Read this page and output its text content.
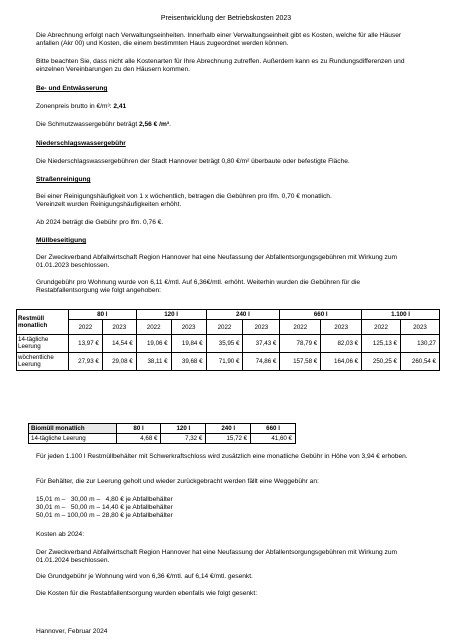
Preisentwicklung der Betriebskosten 2023

Die Abrechnung erfolgt nach Verwaltungseinheiten. Innerhalb einer Verwaltungseinheit gibt es Kosten, welche für alle Häuser anfallen (Akr 00) und Kosten, die einem bestimmten Haus zugeordnet werden können.

Bitte beachten Sie, dass nicht alle Kostenarten für Ihre Abrechnung zutreffen. Außerdem kann es zu Rundungsdifferenzen und einzelnen Vereinbarungen zu den Häusern kommen.

Be- und Entwässerung

Zonenpreis brutto in €/m³: 2,41

Die Schmutzwassergebühr beträgt 2,56 € /m³.

Niederschlagswassergebühr

Die Niederschlagswassergebühren der Stadt Hannover beträgt 0,80 €/m² überbaute oder befestigte Fläche.

Straßenreinigung

Bei einer Reinigungshäufigkeit von 1 x wöchentlich, betragen die Gebühren pro lfm. 0,70 € monatlich.
Vereinzelt wurden Reinigungshäufigkeiten erhöht.

Ab 2024 beträgt die Gebühr pro lfm. 0,76 €.

Müllbeseitigung

Der Zweckverband Abfallwirtschaft Region Hannover hat eine Neufassung der Abfallentsorgungsgebühren mit Wirkung zum 01.01.2023 beschlossen.

Grundgebühr pro Wohnung wurde von 6,11 €/mtl. Auf 6,36€/mtl. erhöht. Weiterhin wurden die Gebühren für die Restabfallentsorgung wie folgt angehoben:

Restmüll monatlich	80 l		120 l		240 l		660 l		1.100 l	
	2022	2023	2022	2023	2022	2023	2022	2023	2022	2023
14-tägliche Leerung	13,97 €	14,54 €	19,06 €	19,84 €	35,95 €	37,43 €	78,79 €	82,03 €	125,13 €	130,27
wöchentliche Leerung	27,93 €	29,08 €	38,11 €	39,68 €	71,90 €	74,86 €	157,58 €	164,06 €	250,25 €	260,54 €
Biomüll monatlich	80 l	120 l	240 l	660 l
14-tägliche Leerung	4,68 €	7,32 €	15,72 €	41,60 €

Für jeden 1.100 l Restmüllbehälter mit Schwerkraftschloss wird zusätzlich eine monatliche Gebühr in Höhe von 3,94 € erhoben.

Für Behälter, die zur Leerung geholt und wieder zurückgebracht werden fällt eine Weggebühr an:

15,01 m –   30,00 m –   4,80 € je Abfallbehälter

30,01 m –   50,00 m – 14,40 € je Abfallbehälter

50,01 m – 100,00 m – 28,80 € je Abfallbehälter

Kosten ab 2024:

Der Zweckverband Abfallwirtschaft Region Hannover hat eine Neufassung der Abfallentsorgungsgebühren mit Wirkung zum 01.01.2024 beschlossen.

Die Grundgebühr je Wohnung wird von 6,36 €/mtl. auf 6,14 €/mtl. gesenkt.

Die Kosten für die Restabfallentsorgung wurden ebenfalls wie folgt gesenkt:

Hannover, Februar 2024
